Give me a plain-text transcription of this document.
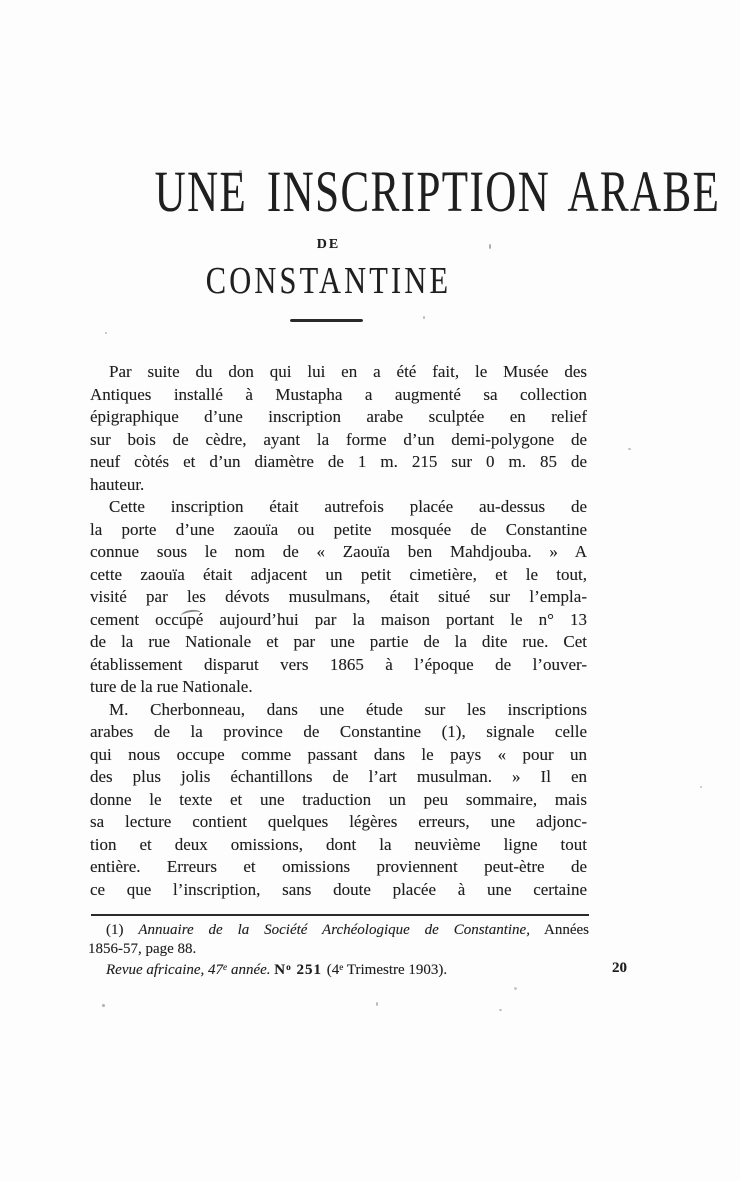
UNE INSCRIPTION ARABE
DE
CONSTANTINE
Par suite du don qui lui en a été fait, le Musée des
Antiques installé à Mustapha a augmenté sa collection
épigraphique d’une inscription arabe sculptée en relief
sur bois de cèdre, ayant la forme d’un demi-polygone de
neuf còtés et d’un diamètre de 1 m. 215 sur 0 m. 85 de
hauteur.
Cette inscription était autrefois placée au-dessus de
la porte d’une zaouïa ou petite mosquée de Constantine
connue sous le nom de « Zaouïa ben Mahdjouba. » A
cette zaouïa était adjacent un petit cimetière, et le tout,
visité par les dévots musulmans, était situé sur l’empla-
cement occupé aujourd’hui par la maison portant le n° 13
de la rue Nationale et par une partie de la dite rue. Cet
établissement disparut vers 1865 à l’époque de l’ouver-
ture de la rue Nationale.
M. Cherbonneau, dans une étude sur les inscriptions
arabes de la province de Constantine (1), signale celle
qui nous occupe comme passant dans le pays « pour un
des plus jolis échantillons de l’art musulman. » Il en
donne le texte et une traduction un peu sommaire, mais
sa lecture contient quelques légères erreurs, une adjonc-
tion et deux omissions, dont la neuvième ligne tout
entière. Erreurs et omissions proviennent peut-ètre de
ce que l’inscription, sans doute placée à une certaine
(1) Annuaire de la Société Archéologique de Constantine, Années
1856-57, page 88.
Revue africaine, 47e année. $N^o$ 251 (4e Trimestre 1903).	20
